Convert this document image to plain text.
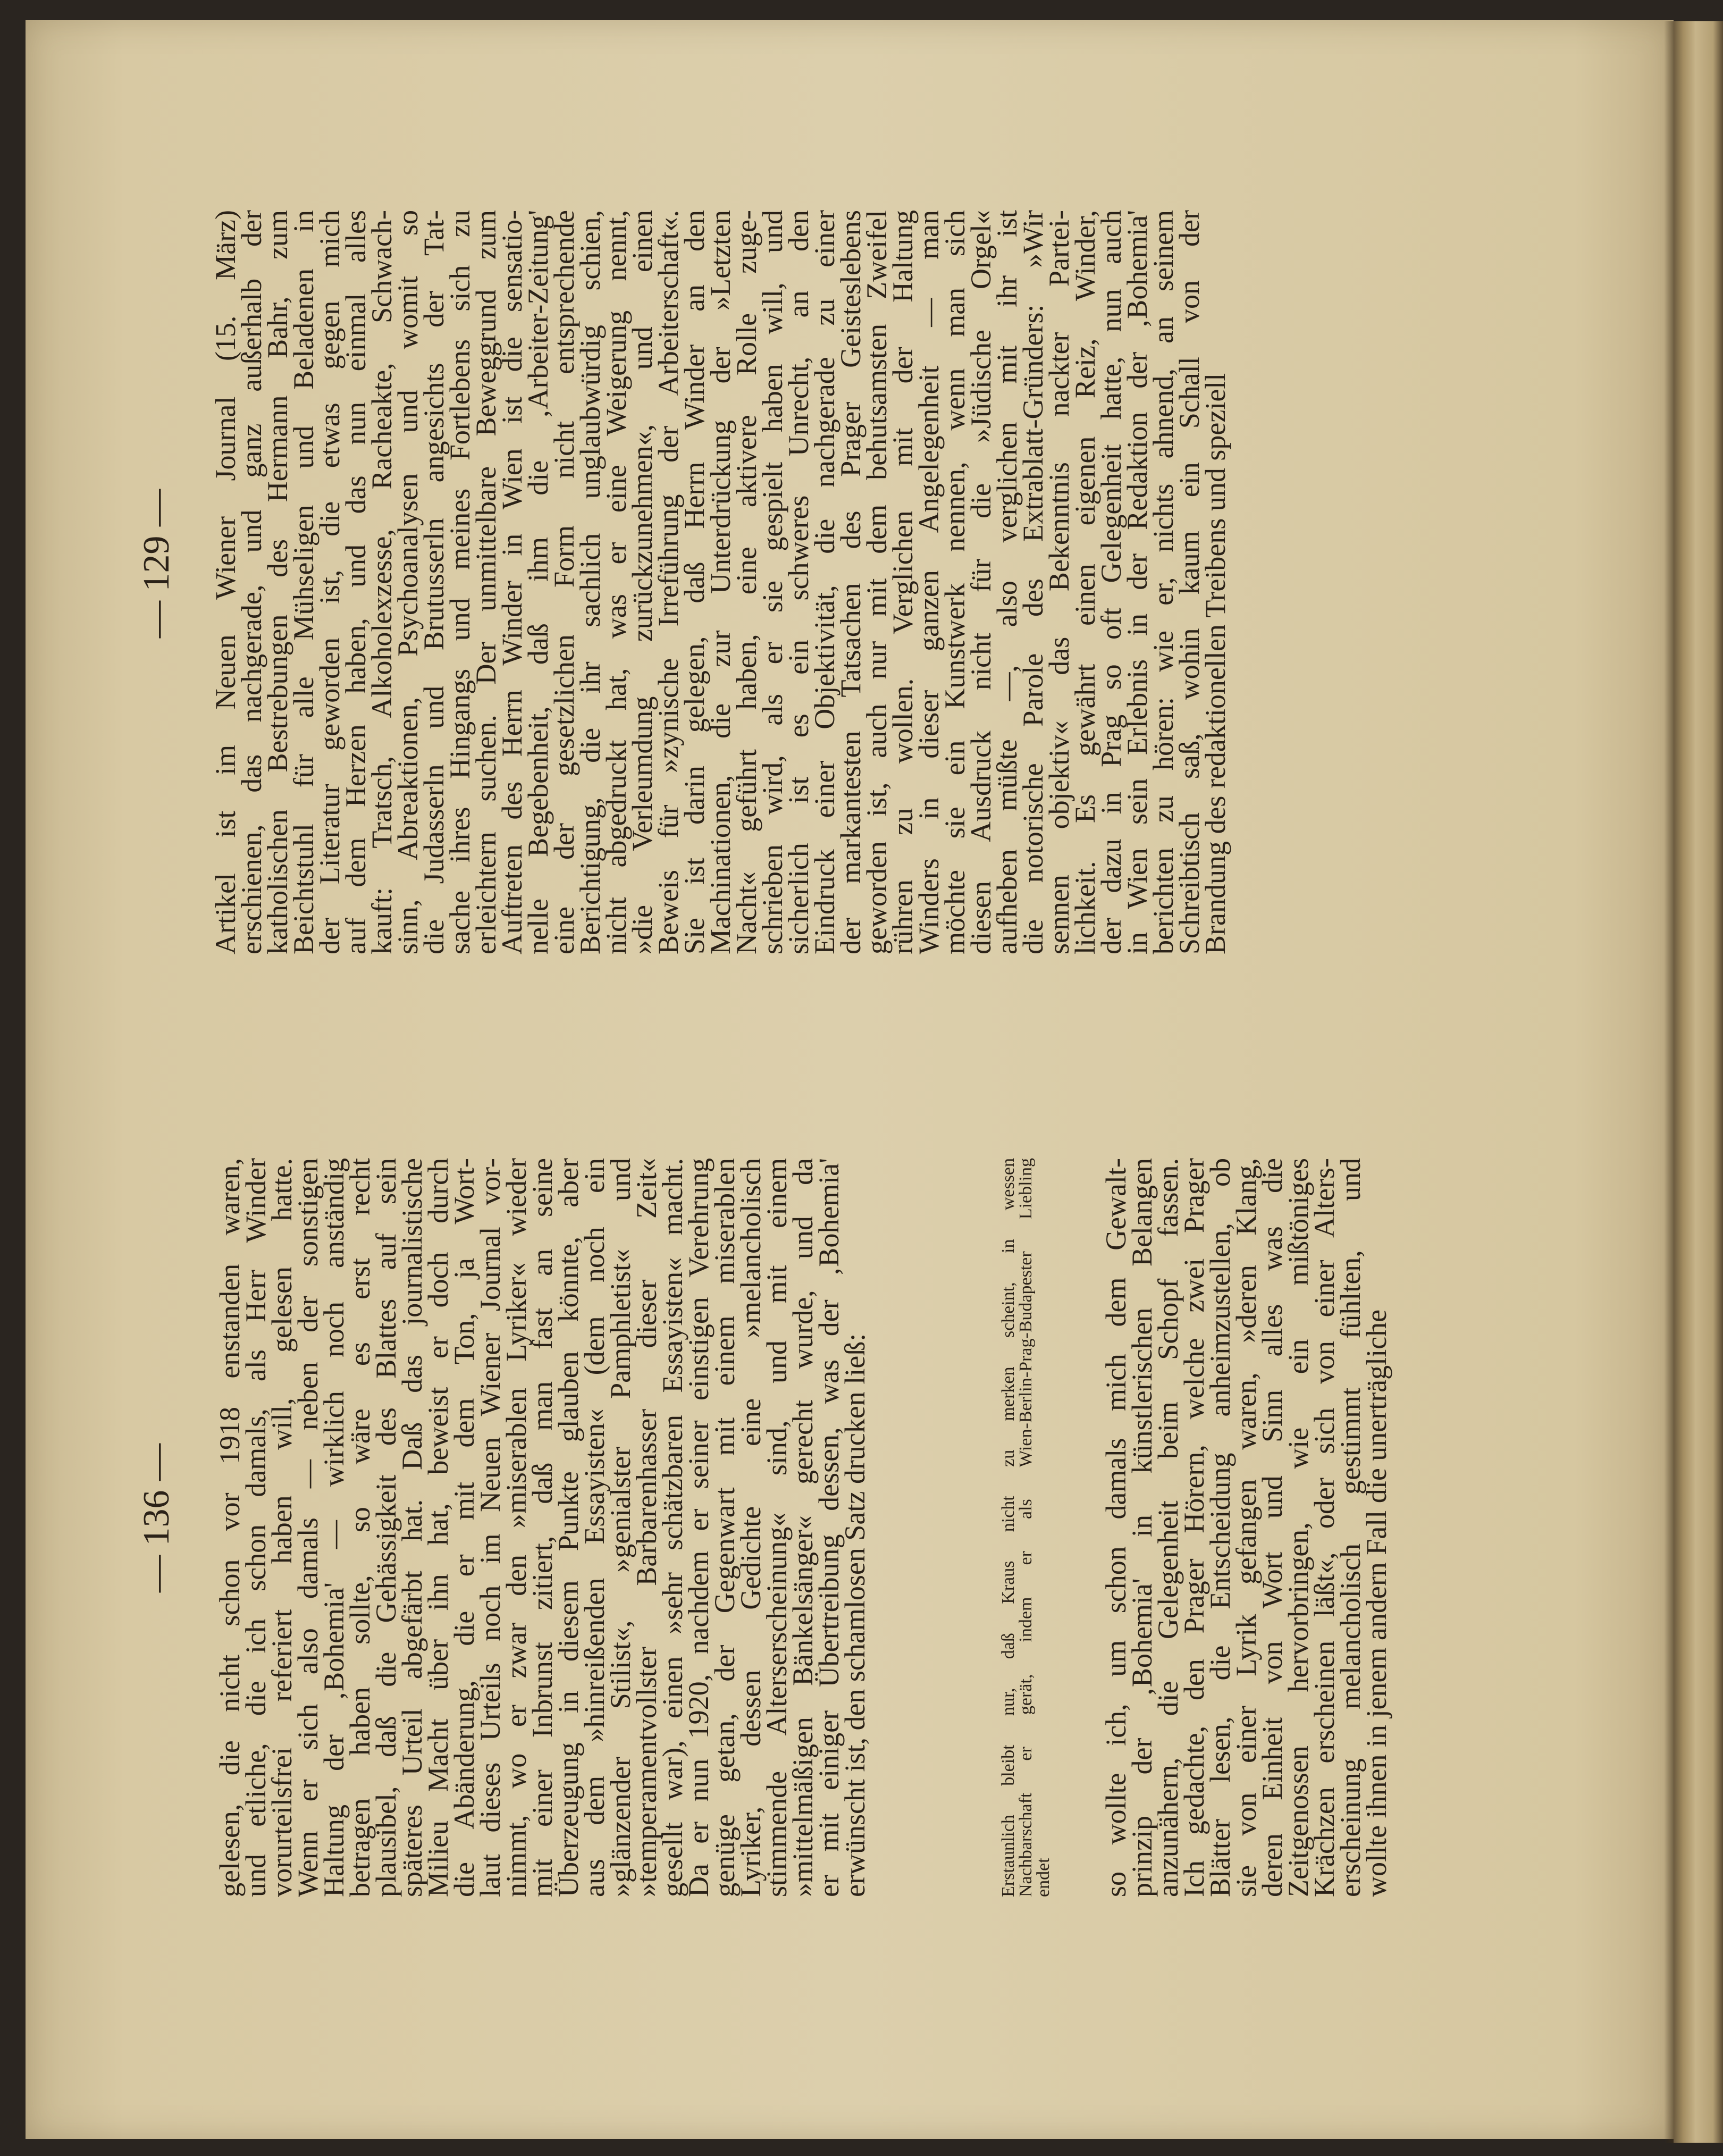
— 136 — gelesen, die nicht schon vor 1918 enstanden waren,
und etliche, die ich schon damals, als Herr Winder
vorurteilsfrei referiert haben will, gelesen hatte.
Wenn er sich also damals — neben der sonstigen
Haltung der ‚Bohemia' — wirklich noch anständig
betragen haben sollte, so wäre es erst recht
plausibel, daß die Gehässigkeit des Blattes auf sein
späteres Urteil abgefärbt hat. Daß das journalistische
Milieu Macht über ihn hat, beweist er doch durch
die Abänderung, die er mit dem Ton, ja Wort-
laut dieses Urteils noch im Neuen Wiener Journal vor-
nimmt, wo er zwar den »miserablen Lyriker« wieder
mit einer Inbrunst zitiert, daß man fast an seine
Überzeugung in diesem Punkte glauben könnte, aber
aus dem »hinreißenden Essayisten« (dem noch ein
»glänzender Stilist«, »genialster Pamphletist« und
»temperamentvollster Barbarenhasser dieser Zeit«
gesellt war), einen »sehr schätzbaren Essayisten« macht.
Da er nun 1920, nachdem er seiner einstigen Verehrung
genüge getan, der Gegenwart mit einem miserablen
Lyriker, dessen Gedichte eine »melancholisch
stimmende Alterserscheinung« sind, und mit einem
»mittelmäßigen Bänkelsänger« gerecht wurde, und da
er mit einiger Übertreibung dessen, was der ‚Bohemia'
erwünscht ist, den schamlosen Satz drucken ließ:	Erstaunlich bleibt nur, daß Kraus nicht zu merken scheint, in wessen
Nachbarschaft er gerät, indem er als Wien-Berlin-Prag-Budapester Liebling
endet so wollte ich, um schon damals mich dem Gewalt-
prinzip der ‚Bohemia' in künstlerischen Belangen
anzunähern, die Gelegenheit beim Schopf fassen.
Ich gedachte, den Prager Hörern, welche zwei Prager
Blätter lesen, die Entscheidung anheimzustellen, ob
sie von einer Lyrik gefangen waren, »deren Klang,
deren Einheit von Wort und Sinn alles was die
Zeitgenossen hervorbringen, wie ein mißtöniges
Krächzen erscheinen läßt«, oder sich von einer Alters-
erscheinung melancholisch gestimmt fühlten, und
wollte ihnen in jenem andern Fall die unerträgliche
— 129 — Artikel ist im Neuen Wiener Journal (15. März)
erschienen, das nachgerade, und ganz außerhalb der
katholischen Bestrebungen des Hermann Bahr, zum
Beichtstuhl für alle Mühseligen und Beladenen in
der Literatur geworden ist, die etwas gegen mich
auf dem Herzen haben, und das nun einmal alles
kauft: Tratsch, Alkoholexzesse, Racheakte, Schwach-
sinn, Abreaktionen, Psychoanalysen und womit so
die Judasserln und Brutusserln angesichts der Tat-
sache ihres Hingangs und meines Fortlebens sich zu
erleichtern suchen. Der unmittelbare Beweggrund zum
Auftreten des Herrn Winder in Wien ist die sensatio-
nelle Begebenheit, daß ihm die ‚Arbeiter-Zeitung'
eine der gesetzlichen Form nicht entsprechende
Berichtigung, die ihr sachlich unglaubwürdig schien,
nicht abgedruckt hat, was er eine Weigerung nennt,
»die Verleumdung zurückzunehmen«, und einen
Beweis für »zynische Irreführung der Arbeiterschaft«.
Sie ist darin gelegen, daß Herrn Winder an den
Machinationen, die zur Unterdrückung der »Letzten
Nacht« geführt haben, eine aktivere Rolle zuge-
schrieben wird, als er sie gespielt haben will, und
sicherlich ist es ein schweres Unrecht, an den
Eindruck einer Objektivität, die nachgerade zu einer
der markantesten Tatsachen des Prager Geisteslebens
geworden ist, auch nur mit dem behutsamsten Zweifel
rühren zu wollen. Verglichen mit der Haltung
Winders in dieser ganzen Angelegenheit — man
möchte sie ein Kunstwerk nennen, wenn man sich
diesen Ausdruck nicht für die »Jüdische Orgel«
aufheben müßte —, also verglichen mit ihr ist
die notorische Parole des Extrablatt-Gründers: »Wir
sennen objektiv« das Bekenntnis nackter Partei-
lichkeit. Es gewährt einen eigenen Reiz, Winder,
der dazu in Prag so oft Gelegenheit hatte, nun auch
in Wien sein Erlebnis in der Redaktion der ‚Bohemia'
berichten zu hören: wie er, nichts ahnend, an seinem
Schreibtisch saß, wohin kaum ein Schall von der
Brandung des redaktionellen Treibens und speziell
